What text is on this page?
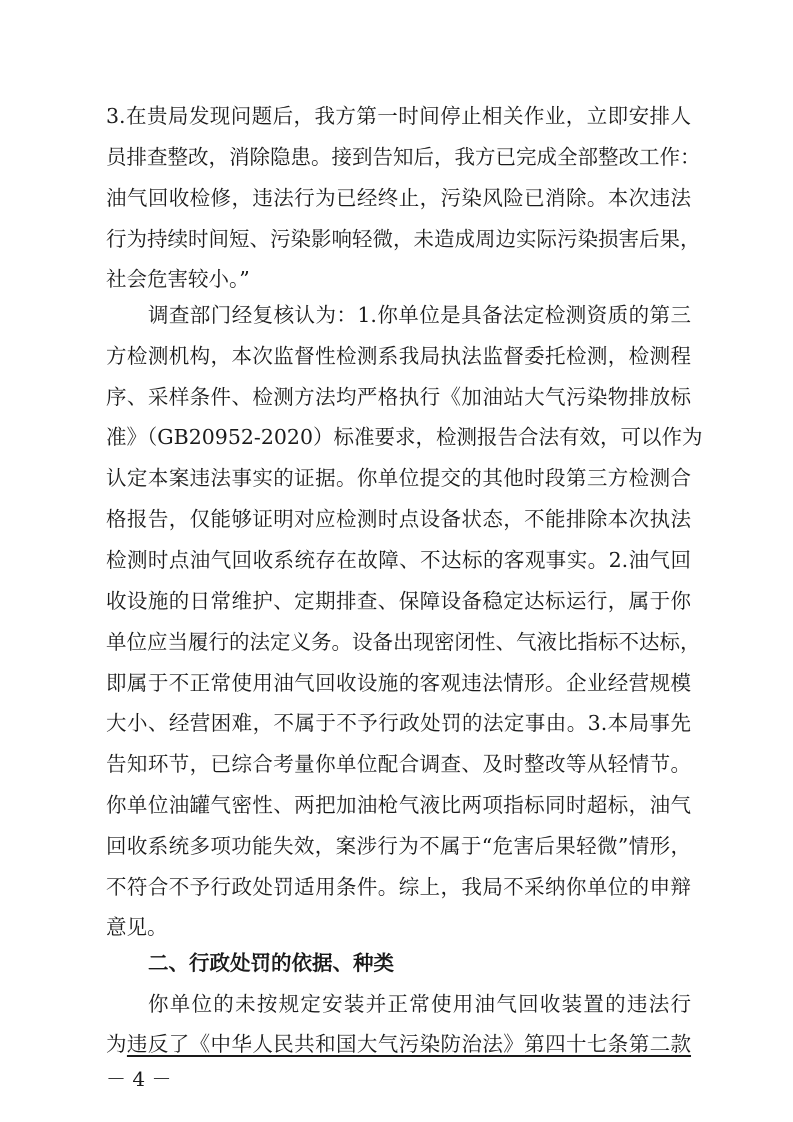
3.在贵局发现问题后，我方第一时间停止相关作业，立即安排人
员排查整改，消除隐患。接到告知后，我方已完成全部整改工作：
油气回收检修，违法行为已经终止，污染风险已消除。本次违法
行为持续时间短、污染影响轻微，未造成周边实际污染损害后果，
社会危害较小。”
调查部门经复核认为：1.你单位是具备法定检测资质的第三
方检测机构，本次监督性检测系我局执法监督委托检测，检测程
序、采样条件、检测方法均严格执行《加油站大气污染物排放标
准》（GB20952-2020）标准要求，检测报告合法有效，可以作为
认定本案违法事实的证据。你单位提交的其他时段第三方检测合
格报告，仅能够证明对应检测时点设备状态，不能排除本次执法
检测时点油气回收系统存在故障、不达标的客观事实。2.油气回
收设施的日常维护、定期排查、保障设备稳定达标运行，属于你
单位应当履行的法定义务。设备出现密闭性、气液比指标不达标，
即属于不正常使用油气回收设施的客观违法情形。企业经营规模
大小、经营困难，不属于不予行政处罚的法定事由。3.本局事先
告知环节，已综合考量你单位配合调查、及时整改等从轻情节。
你单位油罐气密性、两把加油枪气液比两项指标同时超标，油气
回收系统多项功能失效，案涉行为不属于“危害后果轻微”情形，
不符合不予行政处罚适用条件。综上，我局不采纳你单位的申辩
意见。
二、行政处罚的依据、种类
你单位的未按规定安装并正常使用油气回收装置的违法行
为违反了《中华人民共和国大气污染防治法》第四十七条第二款
－ 4 －
